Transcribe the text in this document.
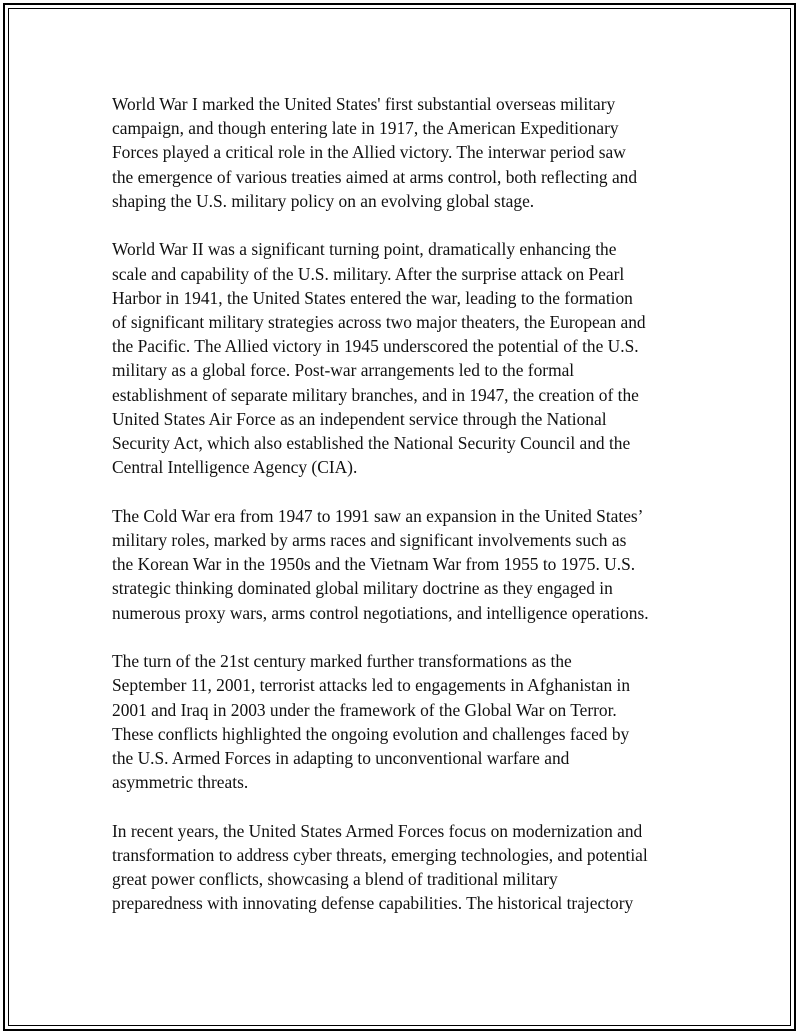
World War I marked the United States' first substantial overseas military
campaign, and though entering late in 1917, the American Expeditionary
Forces played a critical role in the Allied victory. The interwar period saw
the emergence of various treaties aimed at arms control, both reflecting and
shaping the U.S. military policy on an evolving global stage.

World War II was a significant turning point, dramatically enhancing the
scale and capability of the U.S. military. After the surprise attack on Pearl
Harbor in 1941, the United States entered the war, leading to the formation
of significant military strategies across two major theaters, the European and
the Pacific. The Allied victory in 1945 underscored the potential of the U.S.
military as a global force. Post-war arrangements led to the formal
establishment of separate military branches, and in 1947, the creation of the
United States Air Force as an independent service through the National
Security Act, which also established the National Security Council and the
Central Intelligence Agency (CIA).

The Cold War era from 1947 to 1991 saw an expansion in the United States’
military roles, marked by arms races and significant involvements such as
the Korean War in the 1950s and the Vietnam War from 1955 to 1975. U.S.
strategic thinking dominated global military doctrine as they engaged in
numerous proxy wars, arms control negotiations, and intelligence operations.

The turn of the 21st century marked further transformations as the
September 11, 2001, terrorist attacks led to engagements in Afghanistan in
2001 and Iraq in 2003 under the framework of the Global War on Terror.
These conflicts highlighted the ongoing evolution and challenges faced by
the U.S. Armed Forces in adapting to unconventional warfare and
asymmetric threats.

In recent years, the United States Armed Forces focus on modernization and
transformation to address cyber threats, emerging technologies, and potential
great power conflicts, showcasing a blend of traditional military
preparedness with innovating defense capabilities. The historical trajectory
